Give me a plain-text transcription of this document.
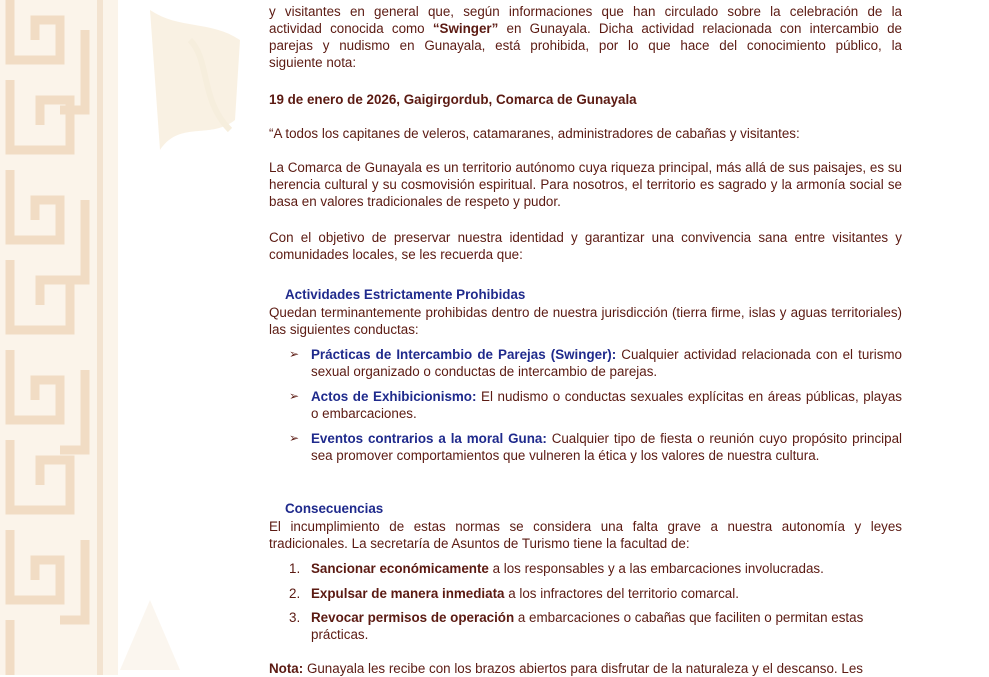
y visitantes en general que, según informaciones que han circulado sobre la celebración de la
actividad conocida como “Swinger” en Gunayala. Dicha actividad relacionada con intercambio de
parejas y nudismo en Gunayala, está prohibida, por lo que hace del conocimiento público, la
siguiente nota:
19 de enero de 2026, Gaigirgordub, Comarca de Gunayala
“A todos los capitanes de veleros, catamaranes, administradores de cabañas y visitantes:

La Comarca de Gunayala es un territorio autónomo cuya riqueza principal, más allá de sus paisajes, es su herencia cultural y su cosmovisión espiritual. Para nosotros, el territorio es sagrado y la armonía social se basa en valores tradicionales de respeto y pudor.

Con el objetivo de preservar nuestra identidad y garantizar una convivencia sana entre visitantes y comunidades locales, se les recuerda que:

Actividades Estrictamente Prohibidas

Quedan terminantemente prohibidas dentro de nuestra jurisdicción (tierra firme, islas y aguas territoriales) las siguientes conductas:

➢ Prácticas de Intercambio de Parejas (Swinger): Cualquier actividad relacionada con el turismo sexual organizado o conductas de intercambio de parejas.
➢ Actos de Exhibicionismo: El nudismo o conductas sexuales explícitas en áreas públicas, playas o embarcaciones.
➢ Eventos contrarios a la moral Guna: Cualquier tipo de fiesta o reunión cuyo propósito principal sea promover comportamientos que vulneren la ética y los valores de nuestra cultura.
Consecuencias

El incumplimiento de estas normas se considera una falta grave a nuestra autonomía y leyes tradicionales. La secretaría de Asuntos de Turismo tiene la facultad de:

1. Sancionar económicamente a los responsables y a las embarcaciones involucradas.
2. Expulsar de manera inmediata a los infractores del territorio comarcal.
3. Revocar permisos de operación a embarcaciones o cabañas que faciliten o permitan estas prácticas.
Nota: Gunayala les recibe con los brazos abiertos para disfrutar de la naturaleza y el descanso. Les
